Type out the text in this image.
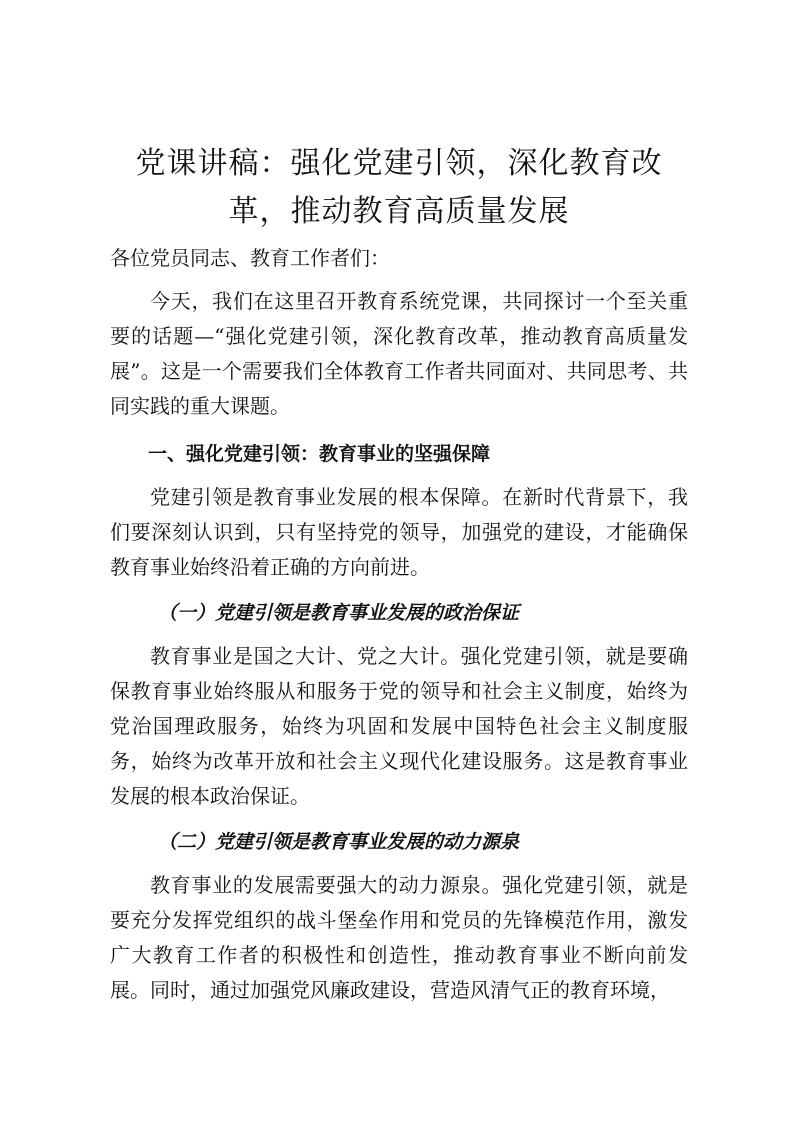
党课讲稿：强化党建引领，深化教育改革，推动教育高质量发展

各位党员同志、教育工作者们：

今天，我们在这里召开教育系统党课，共同探讨一个至关重要的话题—“强化党建引领，深化教育改革，推动教育高质量发展”。这是一个需要我们全体教育工作者共同面对、共同思考、共同实践的重大课题。

一、强化党建引领：教育事业的坚强保障

党建引领是教育事业发展的根本保障。在新时代背景下，我们要深刻认识到，只有坚持党的领导，加强党的建设，才能确保教育事业始终沿着正确的方向前进。

（一）党建引领是教育事业发展的政治保证

教育事业是国之大计、党之大计。强化党建引领，就是要确保教育事业始终服从和服务于党的领导和社会主义制度，始终为党治国理政服务，始终为巩固和发展中国特色社会主义制度服务，始终为改革开放和社会主义现代化建设服务。这是教育事业发展的根本政治保证。

（二）党建引领是教育事业发展的动力源泉

教育事业的发展需要强大的动力源泉。强化党建引领，就是要充分发挥党组织的战斗堡垒作用和党员的先锋模范作用，激发广大教育工作者的积极性和创造性，推动教育事业不断向前发展。同时，通过加强党风廉政建设，营造风清气正的教育环境，
